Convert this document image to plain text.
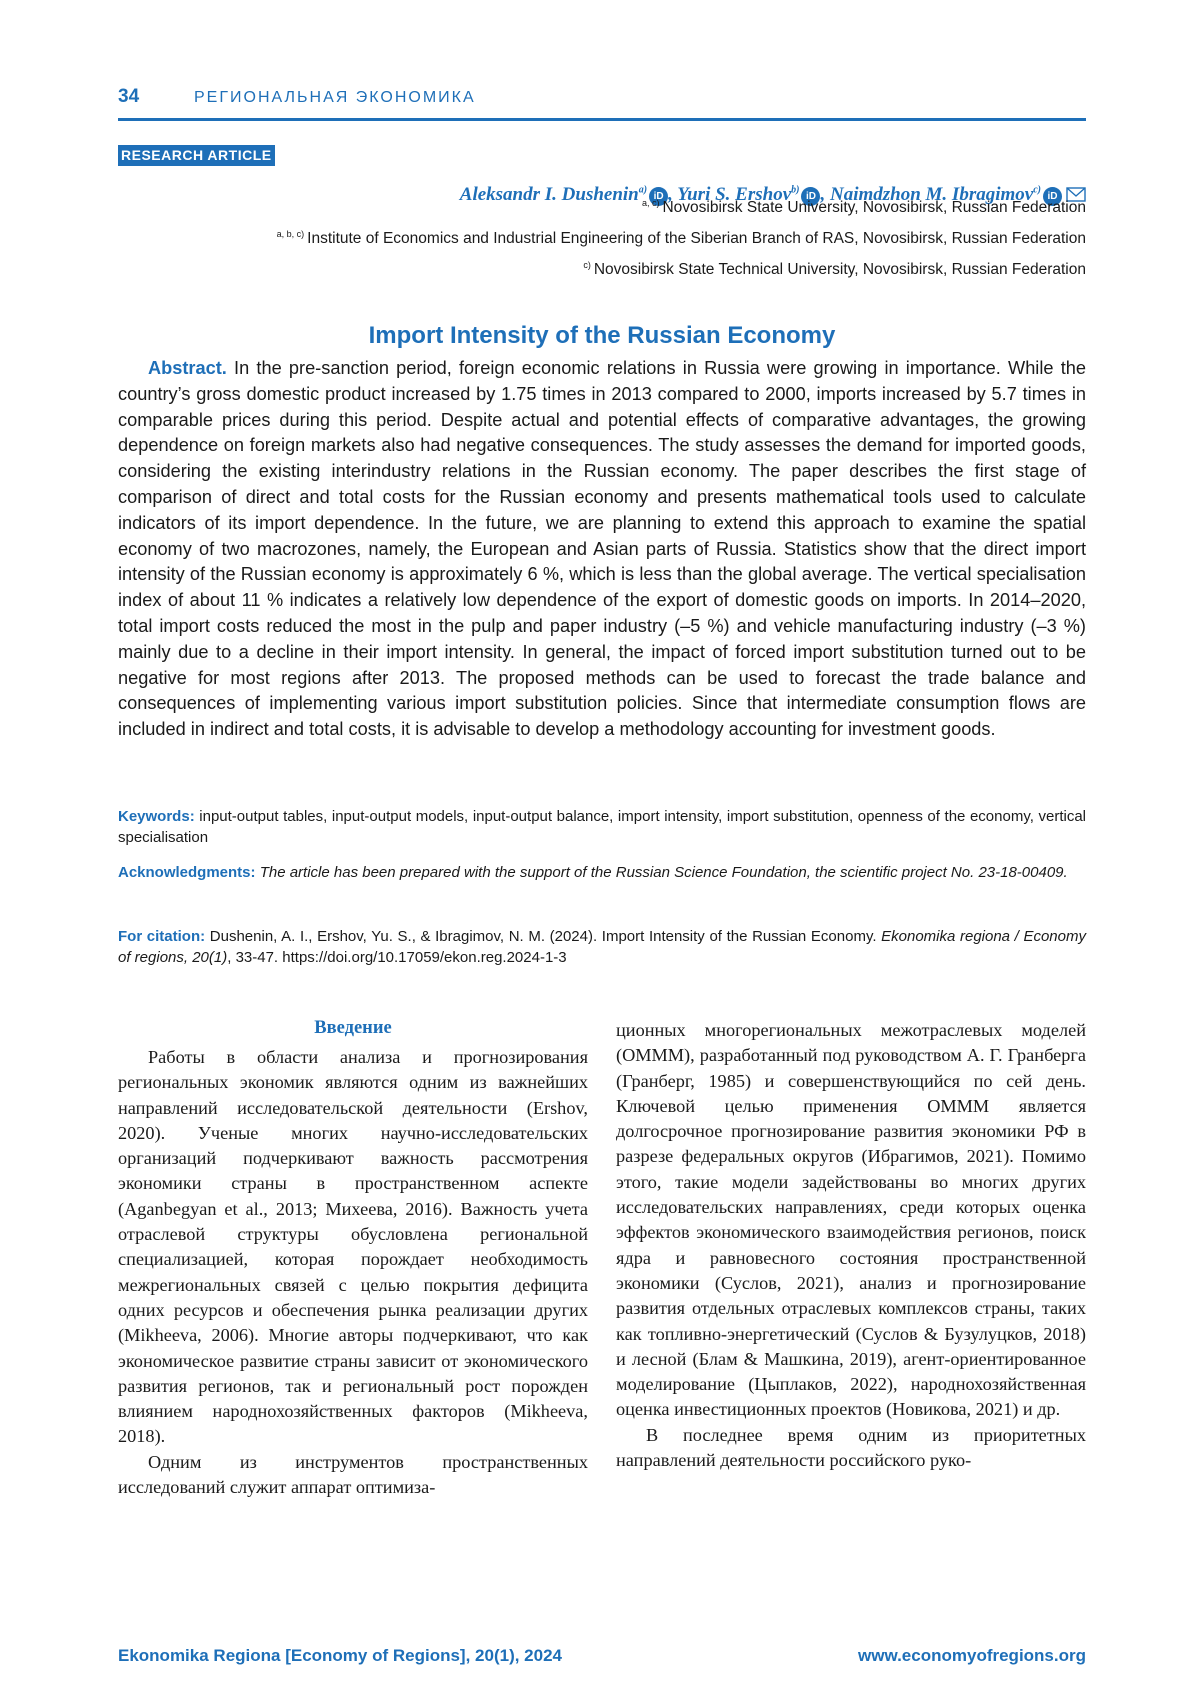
34	РЕГИОНАЛЬНАЯ ЭКОНОМИКА
RESEARCH ARTICLE
Aleksandr I. Dushenin$^{a)}$iD , Yuri S. Ershov$^{b)}$iD , Naimdzhon M. Ibragimov$^{c)}$iD
$^{a, c)}$ Novosibirsk State University, Novosibirsk, Russian Federation
$^{a, b, c)}$ Institute of Economics and Industrial Engineering of the Siberian Branch of RAS, Novosibirsk, Russian Federation
$^{c)}$ Novosibirsk State Technical University, Novosibirsk, Russian Federation
Import Intensity of the Russian Economy
Abstract. In the pre-sanction period, foreign economic relations in Russia were growing in importance. While the country’s gross domestic product increased by 1.75 times in 2013 compared to 2000, imports increased by 5.7 times in comparable prices during this period. Despite actual and potential effects of comparative advantages, the growing dependence on foreign markets also had negative consequences. The study assesses the demand for imported goods, considering the existing interindustry relations in the Russian economy. The paper describes the first stage of comparison of direct and total costs for the Russian economy and presents mathematical tools used to calculate indicators of its import dependence. In the future, we are planning to extend this approach to examine the spatial economy of two macrozones, namely, the European and Asian parts of Russia. Statistics show that the direct import intensity of the Russian economy is approximately 6 %, which is less than the global average. The vertical specialisation index of about 11 % indicates a relatively low dependence of the export of domestic goods on imports. In 2014–2020, total import costs reduced the most in the pulp and paper industry (–5 %) and vehicle manufacturing industry (–3 %) mainly due to a decline in their import intensity. In general, the impact of forced import substitution turned out to be negative for most regions after 2013. The proposed methods can be used to forecast the trade balance and consequences of implementing various import substitution policies. Since that intermediate consumption flows are included in indirect and total costs, it is advisable to develop a methodology accounting for investment goods.
Keywords: input-output tables, input-output models, input-output balance, import intensity, import substitution, openness of the economy, vertical specialisation
Acknowledgments: The article has been prepared with the support of the Russian Science Foundation, the scientific project No. 23-18-00409.
For citation: Dushenin, A. I., Ershov, Yu. S., & Ibragimov, N. M. (2024). Import Intensity of the Russian Economy. Ekonomika regiona / Economy of regions, 20(1), 33-47. https://doi.org/10.17059/ekon.reg.2024-1-3
Введение

Работы в области анализа и прогнозирования региональных экономик являются одним из важнейших направлений исследовательской деятельности (Ershov, 2020). Ученые многих научно-исследовательских организаций подчеркивают важность рассмотрения экономики страны в пространственном аспекте (Aganbegyan et al., 2013; Михеева, 2016). Важность учета отраслевой структуры обусловлена региональной специализацией, которая порождает необходимость межрегиональных связей с целью покрытия дефицита одних ресурсов и обеспечения рынка реализации других (Mikheeva, 2006). Многие авторы подчеркивают, что как экономическое развитие страны зависит от экономического развития регионов, так и региональный рост порожден влиянием народнохозяйственных факторов (Mikheeva, 2018).

Одним из инструментов пространственных исследований служит аппарат оптимиза-

ционных многорегиональных межотраслевых моделей (ОМММ), разработанный под руководством А. Г. Гранберга (Гранберг, 1985) и совершенствующийся по сей день. Ключевой целью применения ОМММ является долгосрочное прогнозирование развития экономики РФ в разрезе федеральных округов (Ибрагимов, 2021). Помимо этого, такие модели задействованы во многих других исследовательских направлениях, среди которых оценка эффектов экономического взаимодействия регионов, поиск ядра и равновесного состояния пространственной экономики (Суслов, 2021), анализ и прогнозирование развития отдельных отраслевых комплексов страны, таких как топливно-энергетический (Суслов & Бузулуцков, 2018) и лесной (Блам & Машкина, 2019), агент-ориентированное моделирование (Цыплаков, 2022), народнохозяйственная оценка инвестиционных проектов (Новикова, 2021) и др.

В последнее время одним из приоритетных направлений деятельности российского руко-

Ekonomika Regiona [Economy of Regions], 20(1), 2024	www.economyofregions.org
